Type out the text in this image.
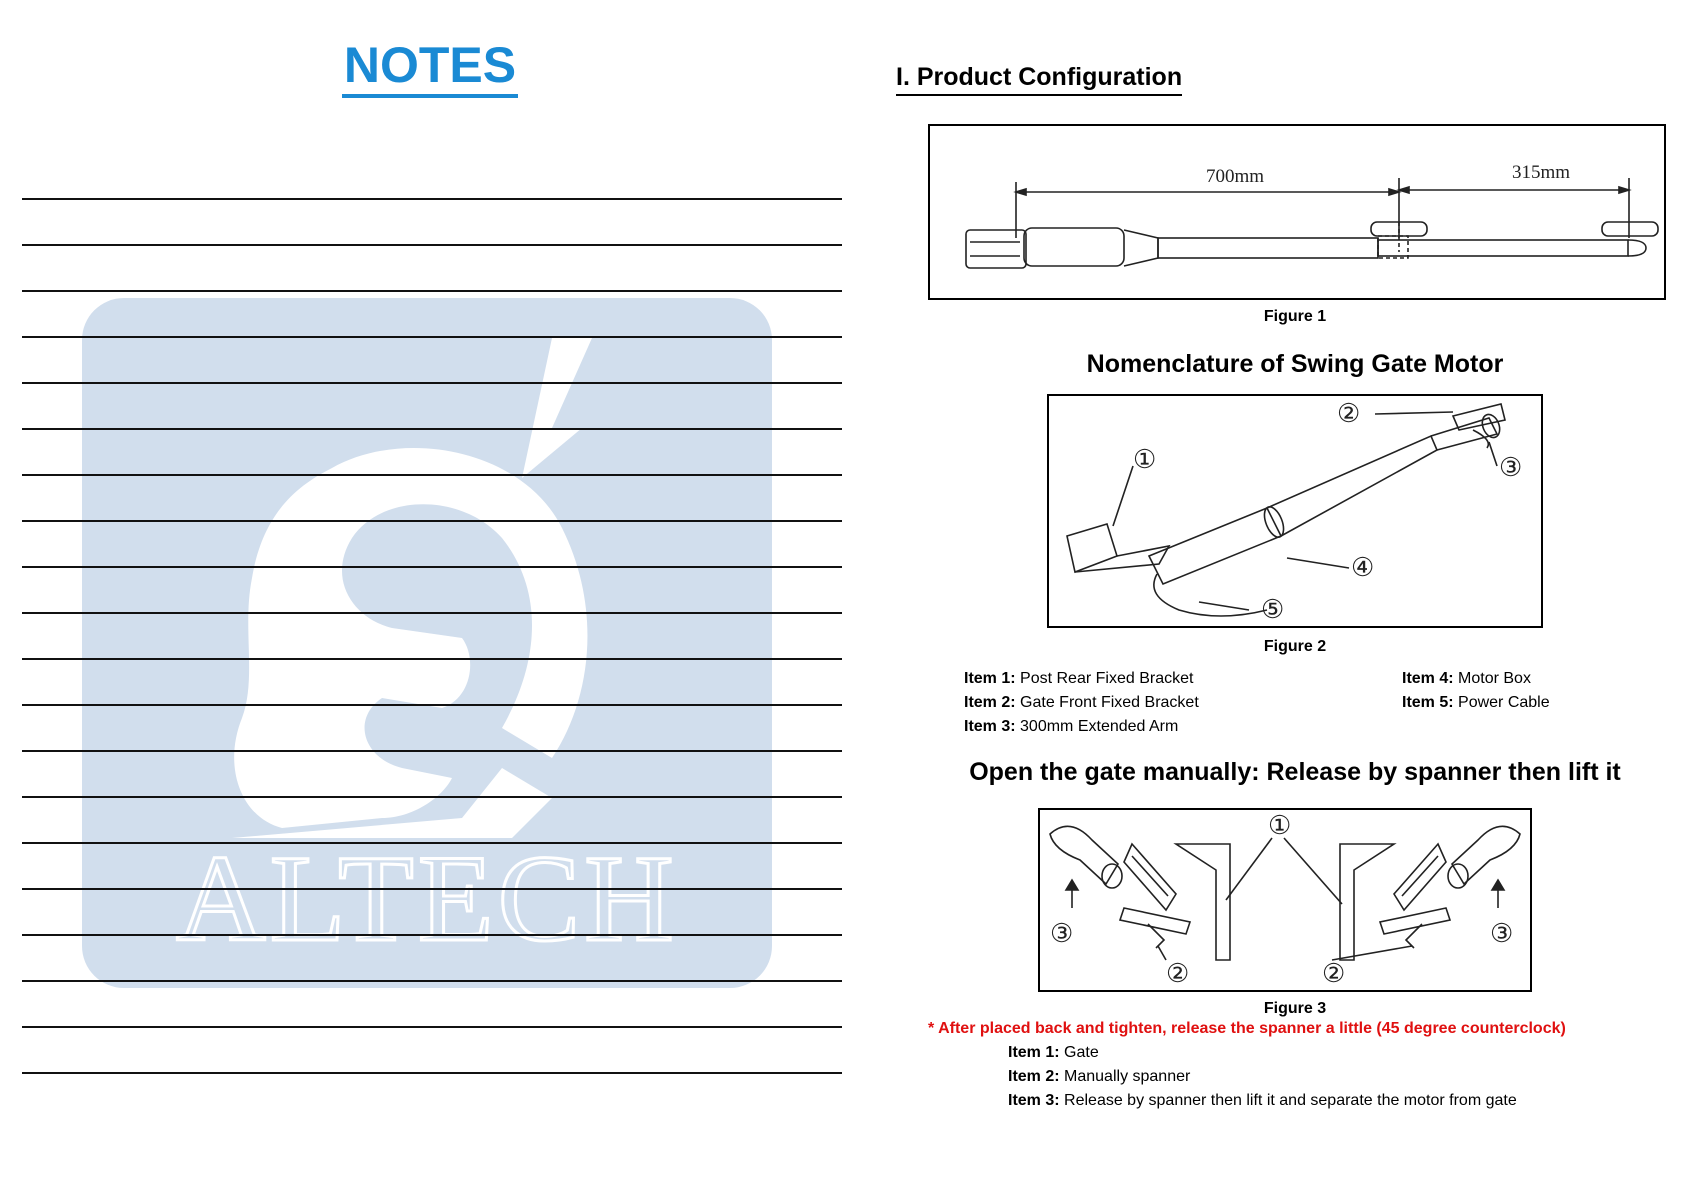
NOTES
ALTECH
I. Product Configuration
700mm	315mm
Figure 1
Nomenclature of Swing Gate Motor
①
②
③
④
⑤
Figure 2
Item 1: Post Rear Fixed Bracket
Item 2: Gate Front Fixed Bracket
Item 3: 300mm Extended Arm
Item 4: Motor Box
Item 5: Power Cable
Open the gate manually: Release by spanner then lift it
①
②	②
③	③
Figure 3
* After placed back and tighten, release the spanner a little (45 degree counterclock)
Item 1: Gate
Item 2: Manually spanner
Item 3: Release by spanner then lift it and separate the motor from gate
